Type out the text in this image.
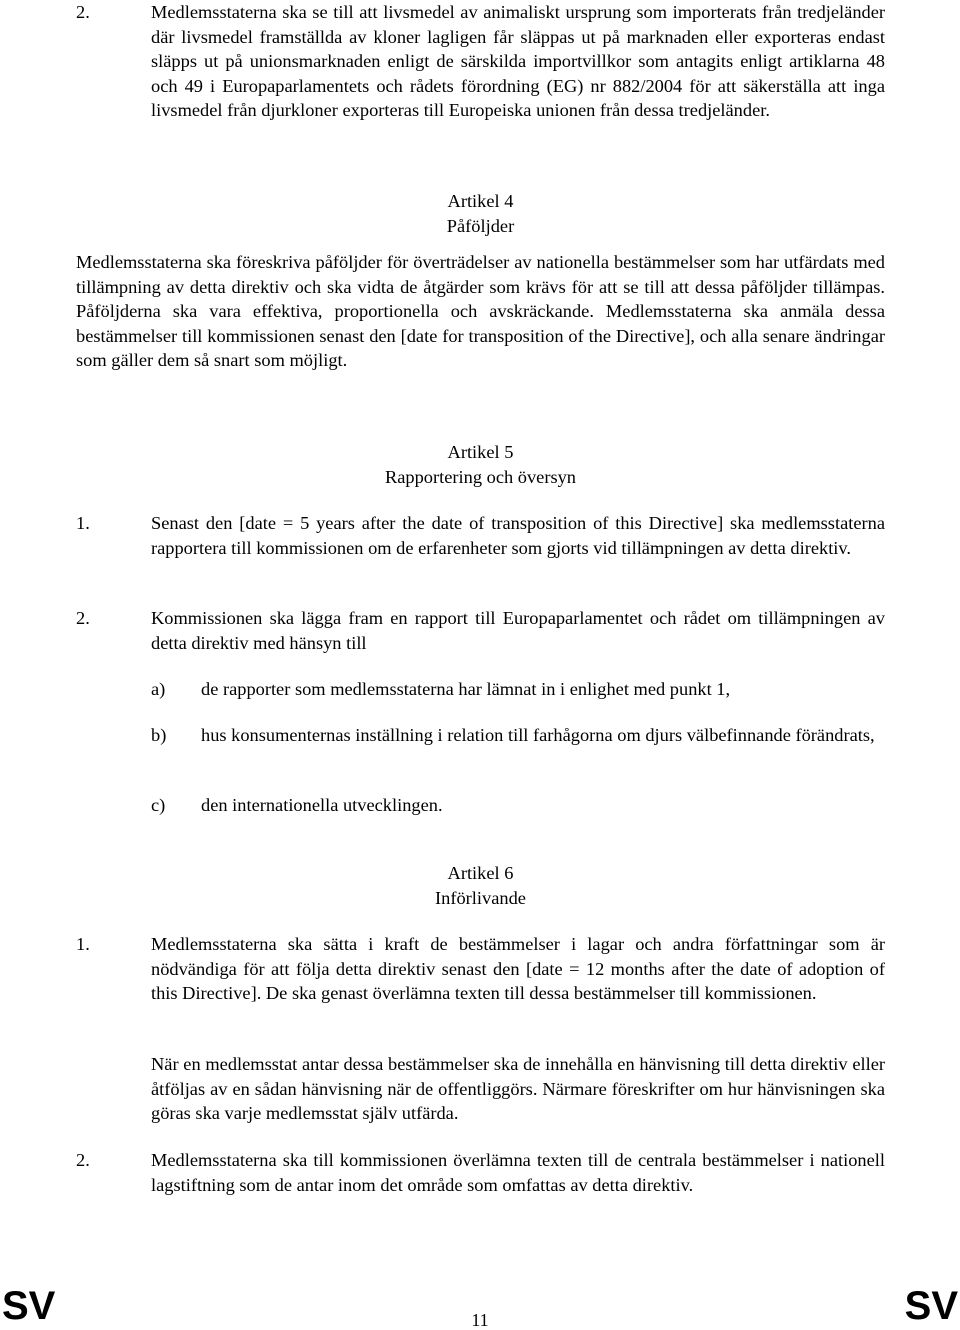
2.	Medlemsstaterna ska se till att livsmedel av animaliskt ursprung som importerats från tredjeländer där livsmedel framställda av kloner lagligen får släppas ut på marknaden eller exporteras endast släpps ut på unionsmarknaden enligt de särskilda importvillkor som antagits enligt artiklarna 48 och 49 i Europaparlamentets och rådets förordning (EG) nr 882/2004 för att säkerställa att inga livsmedel från djurkloner exporteras till Europeiska unionen från dessa tredjeländer.
Artikel 4
Påföljder
Medlemsstaterna ska föreskriva påföljder för överträdelser av nationella bestämmelser som har utfärdats med tillämpning av detta direktiv och ska vidta de åtgärder som krävs för att se till att dessa påföljder tillämpas. Påföljderna ska vara effektiva, proportionella och avskräckande. Medlemsstaterna ska anmäla dessa bestämmelser till kommissionen senast den [date for transposition of the Directive], och alla senare ändringar som gäller dem så snart som möjligt.
Artikel 5
Rapportering och översyn
1.	Senast den [date = 5 years after the date of transposition of this Directive] ska medlemsstaterna rapportera till kommissionen om de erfarenheter som gjorts vid tillämpningen av detta direktiv.
2.	Kommissionen ska lägga fram en rapport till Europaparlamentet och rådet om tillämpningen av detta direktiv med hänsyn till
a) de rapporter som medlemsstaterna har lämnat in i enlighet med punkt 1,
b) hus konsumenternas inställning i relation till farhågorna om djurs välbefinnande förändrats,
c) den internationella utvecklingen.
Artikel 6
Införlivande
1.	Medlemsstaterna ska sätta i kraft de bestämmelser i lagar och andra författningar som är nödvändiga för att följa detta direktiv senast den [date = 12 months after the date of adoption of this Directive]. De ska genast överlämna texten till dessa bestämmelser till kommissionen.
När en medlemsstat antar dessa bestämmelser ska de innehålla en hänvisning till detta direktiv eller åtföljas av en sådan hänvisning när de offentliggörs. Närmare föreskrifter om hur hänvisningen ska göras ska varje medlemsstat själv utfärda.
2.	Medlemsstaterna ska till kommissionen överlämna texten till de centrala bestämmelser i nationell lagstiftning som de antar inom det område som omfattas av detta direktiv.
SV	11	SV
